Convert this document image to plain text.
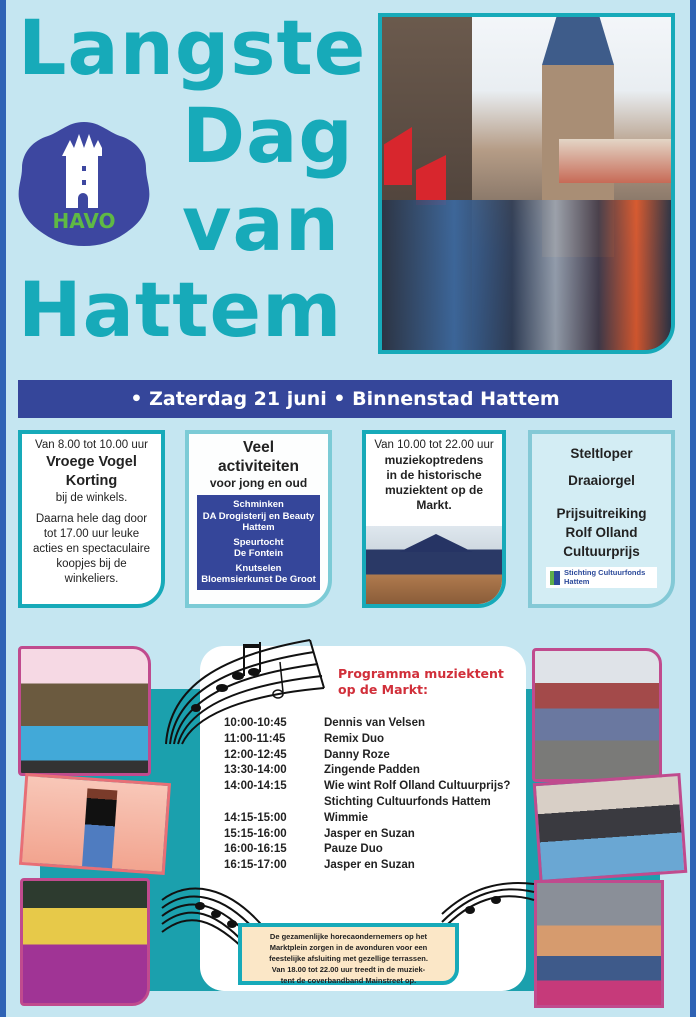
Langste
Dag
van
Hattem
HAVO
• Zaterdag 21 juni • Binnenstad Hattem
Van 8.00 tot 10.00 uur
Vroege Vogel
Korting
bij de winkels.
Daarna hele dag door
tot 17.00 uur leuke
acties en spectaculaire
koopjes bij de
winkeliers.
Veel
activiteiten
voor jong en oud
Schminken
DA Drogisterij en Beauty
Hattem
Speurtocht
De Fontein
Knutselen
Bloemsierkunst De Groot
Van 10.00 tot 22.00 uur
muziekoptredens
in de historische
muziektent op de
Markt.
Steltloper
Draaiorgel
Prijsuitreiking
Rolf Olland
Cultuurprijs
Stichting Cultuurfonds
Hattem
Programma muziektent
op de Markt:
10:00-10:45	Dennis van Velsen
11:00-11:45	Remix Duo
12:00-12:45	Danny Roze
13:30-14:00	Zingende Padden
14:00-14:15	Wie wint Rolf Olland Cultuurprijs?
Stichting Cultuurfonds Hattem
14:15-15:00	Wimmie
15:15-16:00	Jasper en Suzan
16:00-16:15	Pauze Duo
16:15-17:00	Jasper en Suzan
De gezamenlijke horecaondernemers op het
Marktplein zorgen in de avonduren voor een
feestelijke afsluiting met gezellige terrassen.
Van 18.00 tot 22.00 uur treedt in de muziek-
tent de coverbandband Mainstreet op.
